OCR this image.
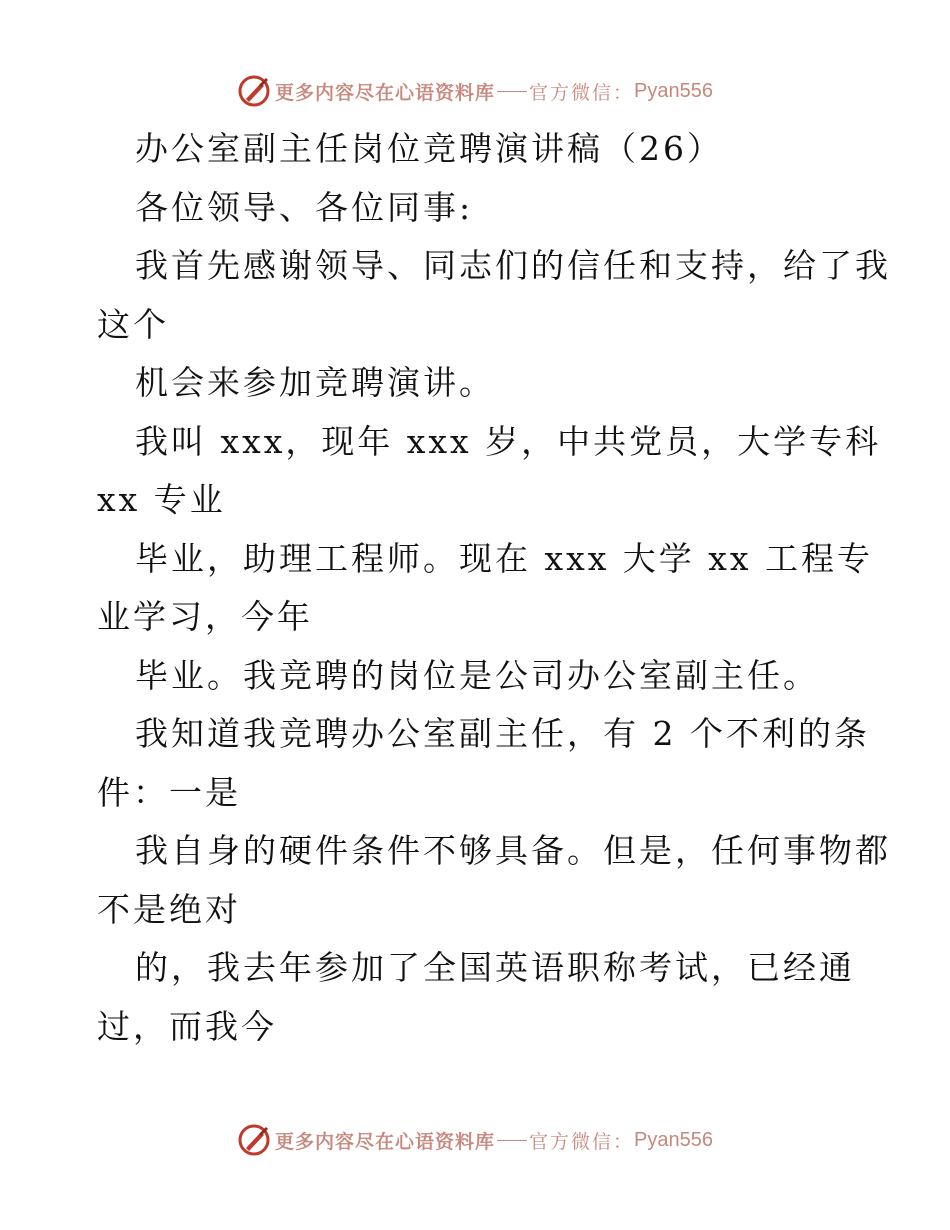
更多内容尽在心语资料库 官方微信： Pyan556
办公室副主任岗位竞聘演讲稿（26）
各位领导、各位同事:
我首先感谢领导、同志们的信任和支持，给了我
这个
机会来参加竞聘演讲。
我叫 xxx，现年 xxx 岁，中共党员，大学专科
xx 专业
毕业，助理工程师。现在 xxx 大学 xx 工程专
业学习，今年
毕业。我竞聘的岗位是公司办公室副主任。
我知道我竞聘办公室副主任，有 2 个不利的条
件：一是
我自身的硬件条件不够具备。但是，任何事物都
不是绝对
的，我去年参加了全国英语职称考试，已经通
过，而我今
更多内容尽在心语资料库 官方微信： Pyan556
